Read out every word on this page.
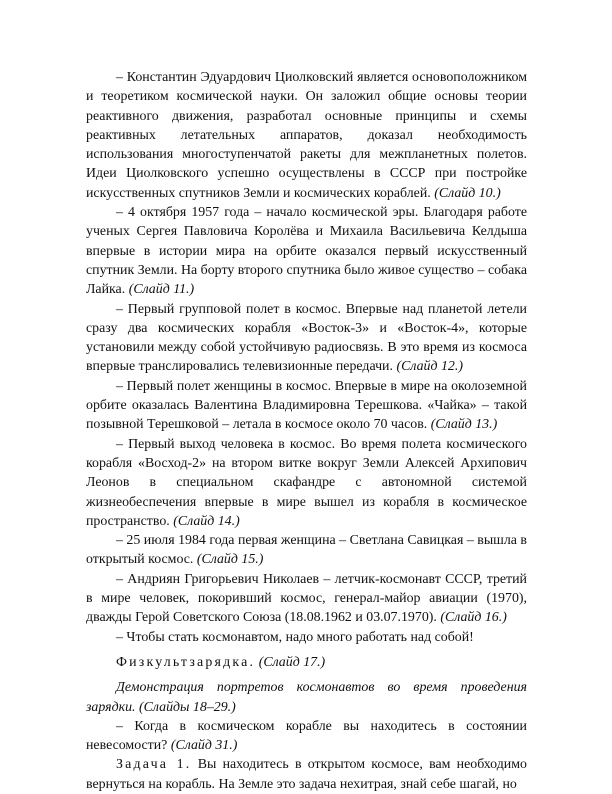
– Константин Эдуардович Циолковский является основоположником и теоретиком космической науки. Он заложил общие основы теории реактивного движения, разработал основные принципы и схемы реактивных летательных аппаратов, доказал необходимость использования многоступенчатой ракеты для межпланетных полетов. Идеи Циолковского успешно осуществлены в СССР при постройке искусственных спутников Земли и космических кораблей. (Слайд 10.)

– 4 октября 1957 года – начало космической эры. Благодаря работе ученых Сергея Павловича Королёва и Михаила Васильевича Келдыша впервые в истории мира на орбите оказался первый искусственный спутник Земли. На борту второго спутника было живое существо – собака Лайка. (Слайд 11.)

– Первый групповой полет в космос. Впервые над планетой летели сразу два космических корабля «Восток-3» и «Восток-4», которые установили между собой устойчивую радиосвязь. В это время из космоса впервые транслировались телевизионные передачи. (Слайд 12.)

– Первый полет женщины в космос. Впервые в мире на околоземной орбите оказалась Валентина Владимировна Терешкова. «Чайка» – такой позывной Терешковой – летала в космосе около 70 часов. (Слайд 13.)

– Первый выход человека в космос. Во время полета космического корабля «Восход-2» на втором витке вокруг Земли Алексей Архипович Леонов в специальном скафандре с автономной системой жизнеобеспечения впервые в мире вышел из корабля в космическое пространство. (Слайд 14.)

– 25 июля 1984 года первая женщина – Светлана Савицкая – вышла в открытый космос. (Слайд 15.)

– Андриян Григорьевич Николаев – летчик-космонавт СССР, третий в мире человек, покоривший космос, генерал-майор авиации (1970), дважды Герой Советского Союза (18.08.1962 и 03.07.1970). (Слайд 16.)

– Чтобы стать космонавтом, надо много работать над собой!

Физкультзарядка. (Слайд 17.)

Демонстрация портретов космонавтов во время проведения зарядки. (Слайды 18–29.)

– Когда в космическом корабле вы находитесь в состоянии невесомости? (Слайд 31.)

Задача 1. Вы находитесь в открытом космосе, вам необходимо вернуться на корабль. На Земле это задача нехитрая, знай себе шагай, но
